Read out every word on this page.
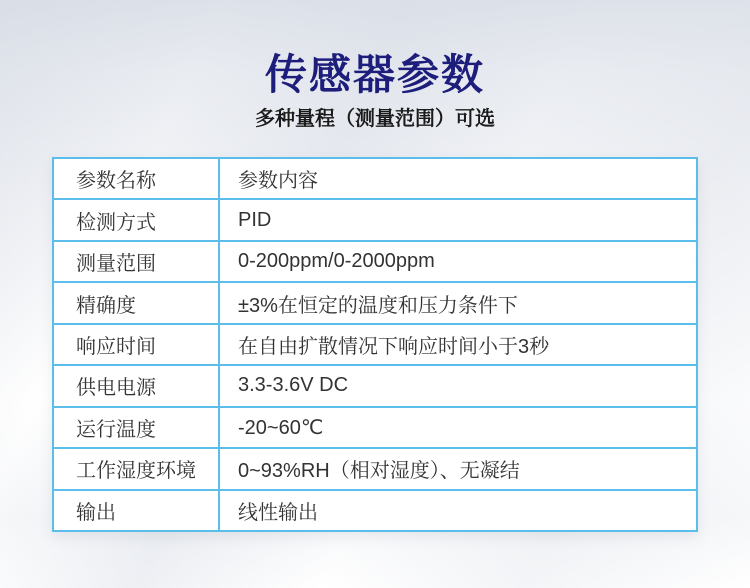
传感器参数
多种量程（测量范围）可选
参数名称	参数内容
检测方式	PID
测量范围	0-200ppm/0-2000ppm
精确度	±3%在恒定的温度和压力条件下
响应时间	在自由扩散情况下响应时间小于3秒
供电电源	3.3-3.6V DC
运行温度	-20~60℃
工作湿度环境	0~93%RH（相对湿度）、无凝结
输出	线性输出
